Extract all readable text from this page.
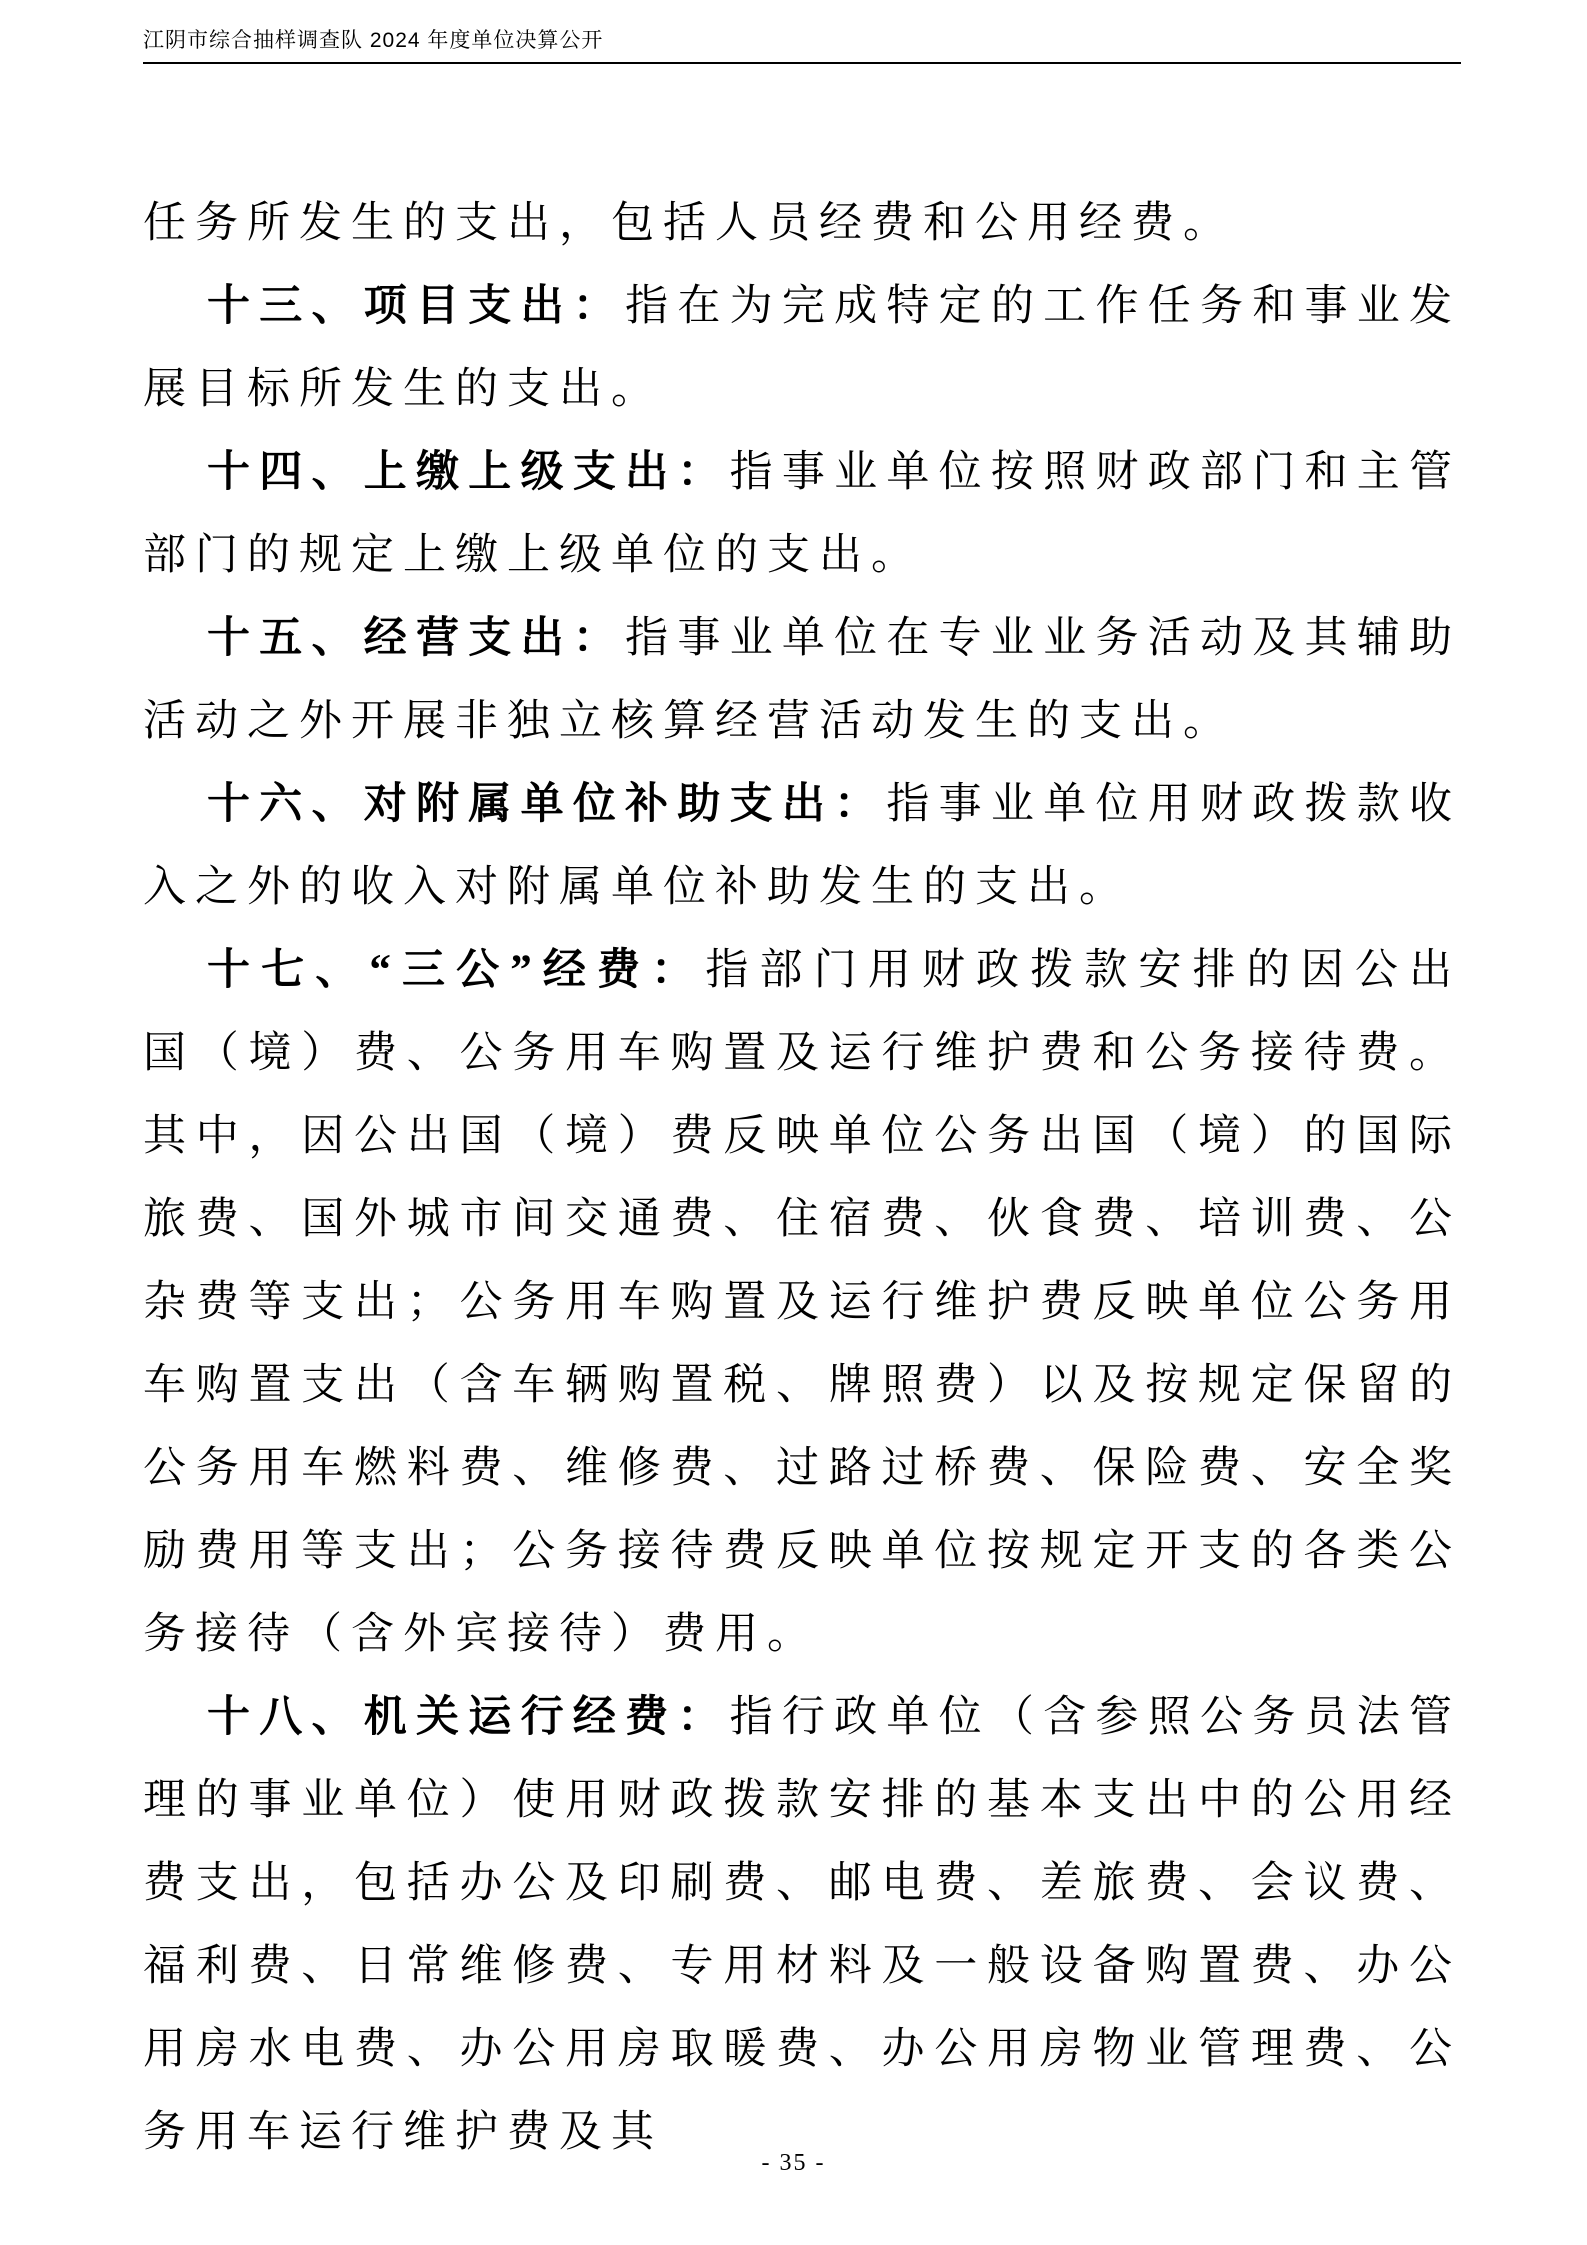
江阴市综合抽样调查队 2024 年度单位决算公开

任务所发生的支出，包括人员经费和公用经费。

十三、项目支出：指在为完成特定的工作任务和事业发展目标所发生的支出。

十四、上缴上级支出：指事业单位按照财政部门和主管部门的规定上缴上级单位的支出。

十五、经营支出：指事业单位在专业业务活动及其辅助活动之外开展非独立核算经营活动发生的支出。

十六、对附属单位补助支出：指事业单位用财政拨款收入之外的收入对附属单位补助发生的支出。

十七、“三公”经费：指部门用财政拨款安排的因公出国（境）费、公务用车购置及运行维护费和公务接待费。其中，因公出国（境）费反映单位公务出国（境）的国际旅费、国外城市间交通费、住宿费、伙食费、培训费、公杂费等支出；公务用车购置及运行维护费反映单位公务用车购置支出（含车辆购置税、牌照费）以及按规定保留的公务用车燃料费、维修费、过路过桥费、保险费、安全奖励费用等支出；公务接待费反映单位按规定开支的各类公务接待（含外宾接待）费用。

十八、机关运行经费：指行政单位（含参照公务员法管理的事业单位）使用财政拨款安排的基本支出中的公用经费支出，包括办公及印刷费、邮电费、差旅费、会议费、福利费、日常维修费、专用材料及一般设备购置费、办公用房水电费、办公用房取暖费、办公用房物业管理费、公务用车运行维护费及其

- 35 -
